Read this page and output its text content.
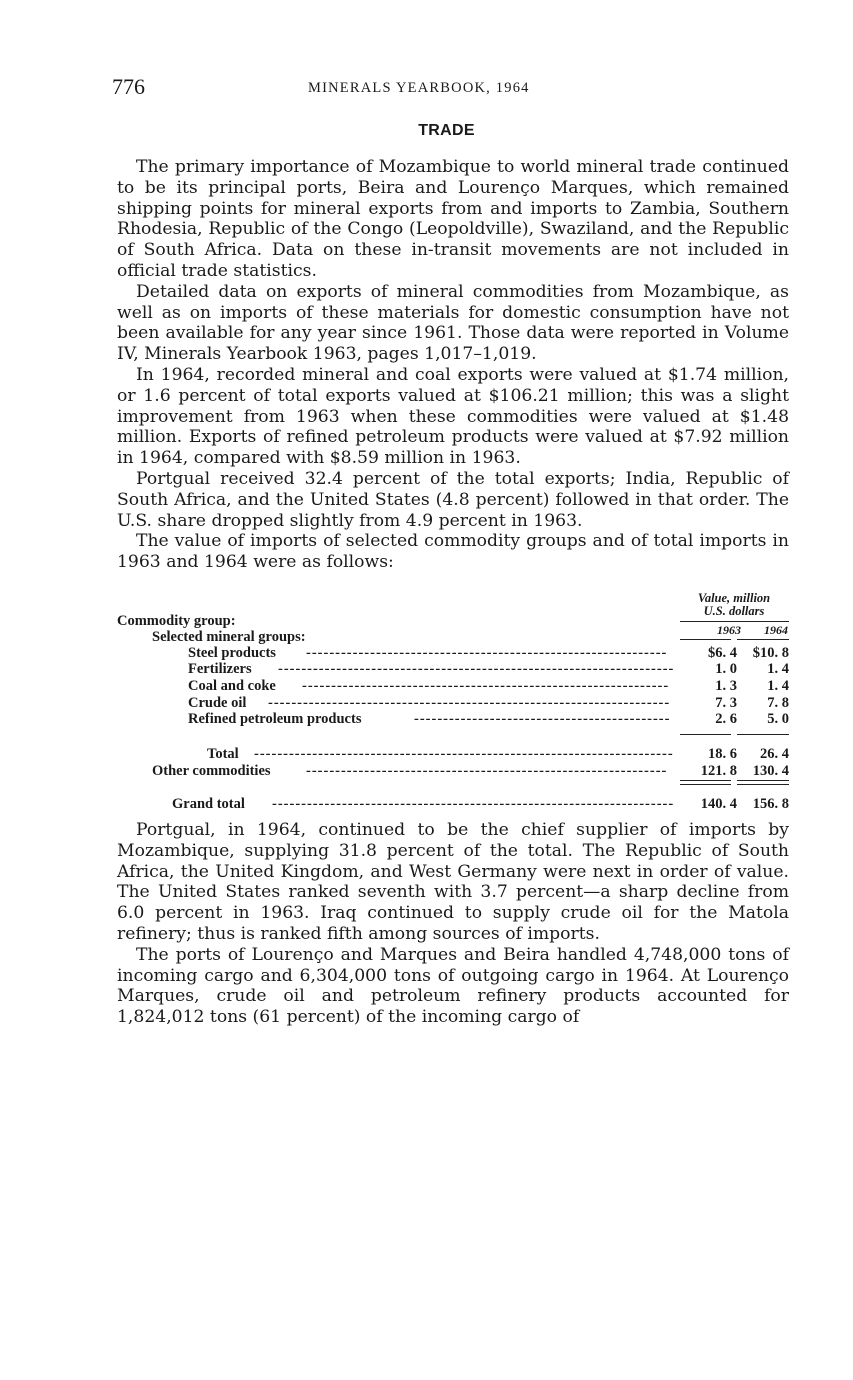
776	MINERALS YEARBOOK, 1964
TRADE

The primary importance of Mozambique to world mineral trade continued to be its principal ports, Beira and Lourenço Marques, which remained shipping points for mineral exports from and imports to Zambia, Southern Rhodesia, Republic of the Congo (Leopoldville), Swaziland, and the Republic of South Africa. Data on these in-transit movements are not included in official trade statistics.

Detailed data on exports of mineral commodities from Mozambique, as well as on imports of these materials for domestic consumption have not been available for any year since 1961. Those data were reported in Volume IV, Minerals Yearbook 1963, pages 1,017–1,019.

In 1964, recorded mineral and coal exports were valued at $1.74 million, or 1.6 percent of total exports valued at $106.21 million; this was a slight improvement from 1963 when these commodities were valued at $1.48 million. Exports of refined petroleum products were valued at $7.92 million in 1964, compared with $8.59 million in 1963.

Portgual received 32.4 percent of the total exports; India, Republic of South Africa, and the United States (4.8 percent) followed in that order. The U.S. share dropped slightly from 4.9 percent in 1963.

The value of imports of selected commodity groups and of total imports in 1963 and 1964 were as follows:

Value, million
U.S. dollars
1963	1964
Commodity group:
Selected mineral groups:
Steel products --------------------------------------------------------------	$6. 4	$10. 8
Fertilizers --------------------------------------------------------------------	1. 0	1. 4
Coal and coke ---------------------------------------------------------------	1. 3	1. 4
Crude oil ---------------------------------------------------------------------	7. 3	7. 8
Refined petroleum products	--------------------------------------------	2. 6	5. 0
Total ------------------------------------------------------------------------	18. 6	26. 4
Other commodities --------------------------------------------------------------	121. 8	130. 4
Grand total ---------------------------------------------------------------------	140. 4	156. 8

Portgual, in 1964, continued to be the chief supplier of imports by Mozambique, supplying 31.8 percent of the total. The Republic of South Africa, the United Kingdom, and West Germany were next in order of value. The United States ranked seventh with 3.7 percent—a sharp decline from 6.0 percent in 1963. Iraq continued to supply crude oil for the Matola refinery; thus is ranked fifth among sources of imports.

The ports of Lourenço and Marques and Beira handled 4,748,000 tons of incoming cargo and 6,304,000 tons of outgoing cargo in 1964. At Lourenço Marques, crude oil and petroleum refinery products accounted for 1,824,012 tons (61 percent) of the incoming cargo of
